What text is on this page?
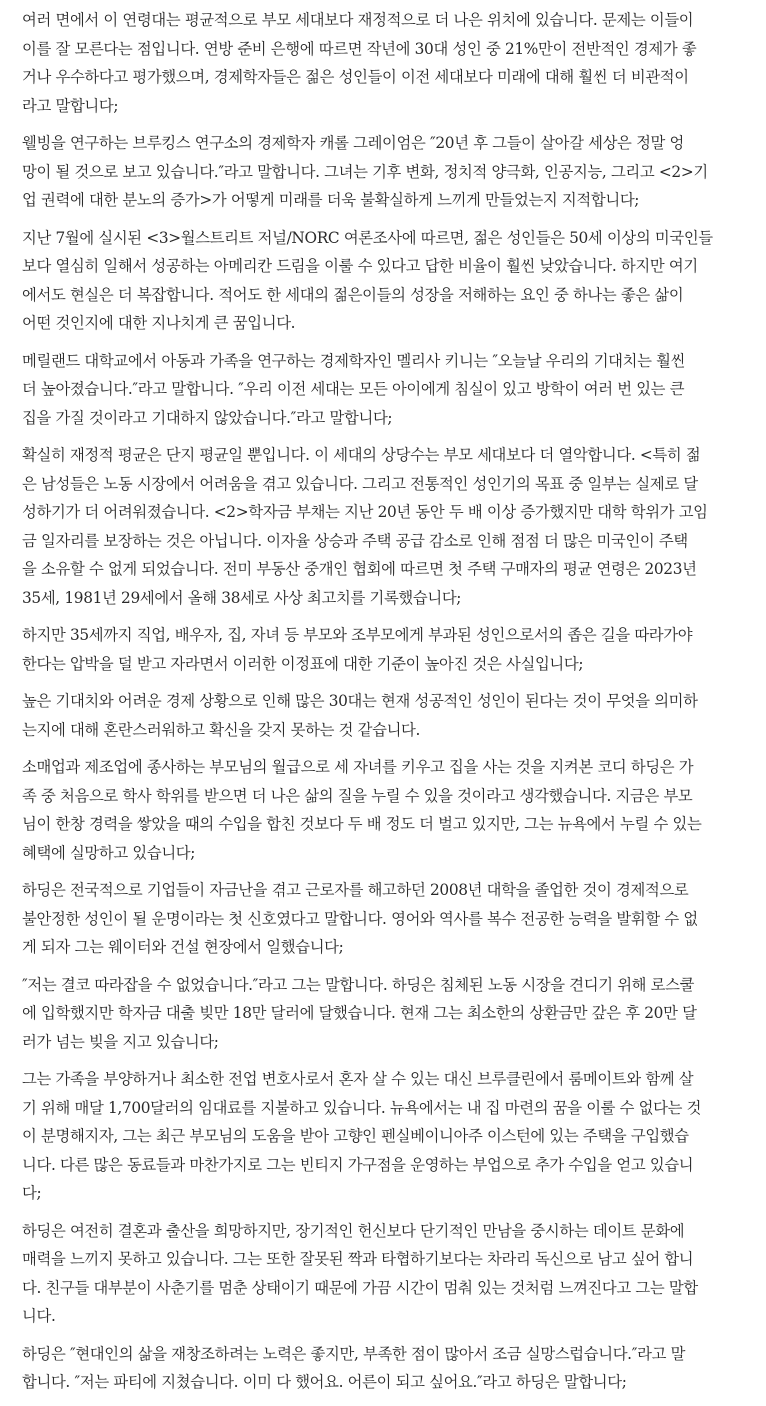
여러 면에서 이 연령대는 평균적으로 부모 세대보다 재정적으로 더 나은 위치에 있습니다. 문제는 이들이
이를 잘 모른다는 점입니다. 연방 준비 은행에 따르면 작년에 30대 성인 중 21%만이 전반적인 경제가 좋
거나 우수하다고 평가했으며, 경제학자들은 젊은 성인들이 이전 세대보다 미래에 대해 훨씬 더 비관적이
라고 말합니다;

웰빙을 연구하는 브루킹스 연구소의 경제학자 캐롤 그레이엄은 ″20년 후 그들이 살아갈 세상은 정말 엉
망이 될 것으로 보고 있습니다.″라고 말합니다. 그녀는 기후 변화, 정치적 양극화, 인공지능, 그리고 <2>기
업 권력에 대한 분노의 증가>가 어떻게 미래를 더욱 불확실하게 느끼게 만들었는지 지적합니다;

지난 7월에 실시된 <3>월스트리트 저널/NORC 여론조사에 따르면, 젊은 성인들은 50세 이상의 미국인들
보다 열심히 일해서 성공하는 아메리칸 드림을 이룰 수 있다고 답한 비율이 훨씬 낮았습니다. 하지만 여기
에서도 현실은 더 복잡합니다. 적어도 한 세대의 젊은이들의 성장을 저해하는 요인 중 하나는 좋은 삶이
어떤 것인지에 대한 지나치게 큰 꿈입니다.

메릴랜드 대학교에서 아동과 가족을 연구하는 경제학자인 멜리사 키니는 ″오늘날 우리의 기대치는 훨씬
더 높아졌습니다.″라고 말합니다. ″우리 이전 세대는 모든 아이에게 침실이 있고 방학이 여러 번 있는 큰
집을 가질 것이라고 기대하지 않았습니다.″라고 말합니다;

확실히 재정적 평균은 단지 평균일 뿐입니다. 이 세대의 상당수는 부모 세대보다 더 열악합니다. <특히 젊
은 남성들은 노동 시장에서 어려움을 겪고 있습니다. 그리고 전통적인 성인기의 목표 중 일부는 실제로 달
성하기가 더 어려워졌습니다. <2>학자금 부채는 지난 20년 동안 두 배 이상 증가했지만 대학 학위가 고임
금 일자리를 보장하는 것은 아닙니다. 이자율 상승과 주택 공급 감소로 인해 점점 더 많은 미국인이 주택
을 소유할 수 없게 되었습니다. 전미 부동산 중개인 협회에 따르면 첫 주택 구매자의 평균 연령은 2023년
35세, 1981년 29세에서 올해 38세로 사상 최고치를 기록했습니다;

하지만 35세까지 직업, 배우자, 집, 자녀 등 부모와 조부모에게 부과된 성인으로서의 좁은 길을 따라가야
한다는 압박을 덜 받고 자라면서 이러한 이정표에 대한 기준이 높아진 것은 사실입니다;

높은 기대치와 어려운 경제 상황으로 인해 많은 30대는 현재 성공적인 성인이 된다는 것이 무엇을 의미하
는지에 대해 혼란스러워하고 확신을 갖지 못하는 것 같습니다.

소매업과 제조업에 종사하는 부모님의 월급으로 세 자녀를 키우고 집을 사는 것을 지켜본 코디 하딩은 가
족 중 처음으로 학사 학위를 받으면 더 나은 삶의 질을 누릴 수 있을 것이라고 생각했습니다. 지금은 부모
님이 한창 경력을 쌓았을 때의 수입을 합친 것보다 두 배 정도 더 벌고 있지만, 그는 뉴욕에서 누릴 수 있는
혜택에 실망하고 있습니다;

하딩은 전국적으로 기업들이 자금난을 겪고 근로자를 해고하던 2008년 대학을 졸업한 것이 경제적으로
불안정한 성인이 될 운명이라는 첫 신호였다고 말합니다. 영어와 역사를 복수 전공한 능력을 발휘할 수 없
게 되자 그는 웨이터와 건설 현장에서 일했습니다;

″저는 결코 따라잡을 수 없었습니다.″라고 그는 말합니다. 하딩은 침체된 노동 시장을 견디기 위해 로스쿨
에 입학했지만 학자금 대출 빚만 18만 달러에 달했습니다. 현재 그는 최소한의 상환금만 갚은 후 20만 달
러가 넘는 빚을 지고 있습니다;

그는 가족을 부양하거나 최소한 전업 변호사로서 혼자 살 수 있는 대신 브루클린에서 룸메이트와 함께 살
기 위해 매달 1,700달러의 임대료를 지불하고 있습니다. 뉴욕에서는 내 집 마련의 꿈을 이룰 수 없다는 것
이 분명해지자, 그는 최근 부모님의 도움을 받아 고향인 펜실베이니아주 이스턴에 있는 주택을 구입했습
니다. 다른 많은 동료들과 마찬가지로 그는 빈티지 가구점을 운영하는 부업으로 추가 수입을 얻고 있습니
다;

하딩은 여전히 결혼과 출산을 희망하지만, 장기적인 헌신보다 단기적인 만남을 중시하는 데이트 문화에
매력을 느끼지 못하고 있습니다. 그는 또한 잘못된 짝과 타협하기보다는 차라리 독신으로 남고 싶어 합니
다. 친구들 대부분이 사춘기를 멈춘 상태이기 때문에 가끔 시간이 멈춰 있는 것처럼 느껴진다고 그는 말합
니다.

하딩은 ″현대인의 삶을 재창조하려는 노력은 좋지만, 부족한 점이 많아서 조금 실망스럽습니다.″라고 말
합니다. ″저는 파티에 지쳤습니다. 이미 다 했어요. 어른이 되고 싶어요.″라고 하딩은 말합니다;
